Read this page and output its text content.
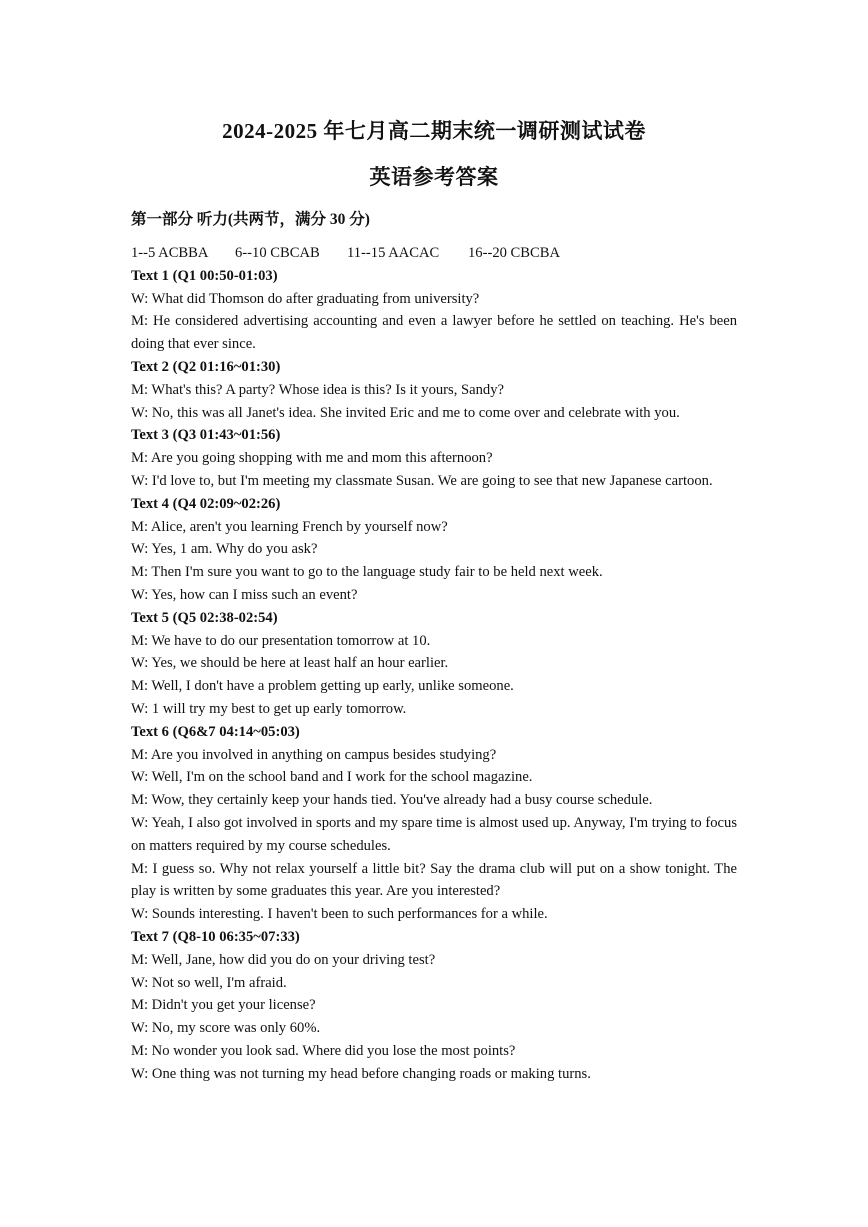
2024-2025 年七月高二期末统一调研测试试卷
英语参考答案
第一部分 听力(共两节，满分 30 分)
1--5 ACBBA	6--10 CBCAB	11--15 AACAC	16--20 CBCBA

Text 1 (Q1 00:50-01:03)

W: What did Thomson do after graduating from university?

M: He considered advertising accounting and even a lawyer before he settled on teaching. He's been doing that ever since.

Text 2 (Q2 01:16~01:30)

M: What's this? A party? Whose idea is this? Is it yours, Sandy?

W: No, this was all Janet's idea. She invited Eric and me to come over and celebrate with you.

Text 3 (Q3 01:43~01:56)

M: Are you going shopping with me and mom this afternoon?

W: I'd love to, but I'm meeting my classmate Susan. We are going to see that new Japanese cartoon.

Text 4 (Q4 02:09~02:26)

M: Alice, aren't you learning French by yourself now?

W: Yes, 1 am. Why do you ask?

M: Then I'm sure you want to go to the language study fair to be held next week.

W: Yes, how can I miss such an event?

Text 5 (Q5 02:38-02:54)

M: We have to do our presentation tomorrow at 10.

W: Yes, we should be here at least half an hour earlier.

M: Well, I don't have a problem getting up early, unlike someone.

W: 1 will try my best to get up early tomorrow.

Text 6 (Q6&7 04:14~05:03)

M: Are you involved in anything on campus besides studying?

W: Well, I'm on the school band and I work for the school magazine.

M: Wow, they certainly keep your hands tied. You've already had a busy course schedule.

W: Yeah, I also got involved in sports and my spare time is almost used up. Anyway, I'm trying to focus on matters required by my course schedules.

M: I guess so. Why not relax yourself a little bit? Say the drama club will put on a show tonight. The play is written by some graduates this year. Are you interested?

W: Sounds interesting. I haven't been to such performances for a while.

Text 7 (Q8-10 06:35~07:33)

M: Well, Jane, how did you do on your driving test?

W: Not so well, I'm afraid.

M: Didn't you get your license?

W: No, my score was only 60%.

M: No wonder you look sad. Where did you lose the most points?

W: One thing was not turning my head before changing roads or making turns.
